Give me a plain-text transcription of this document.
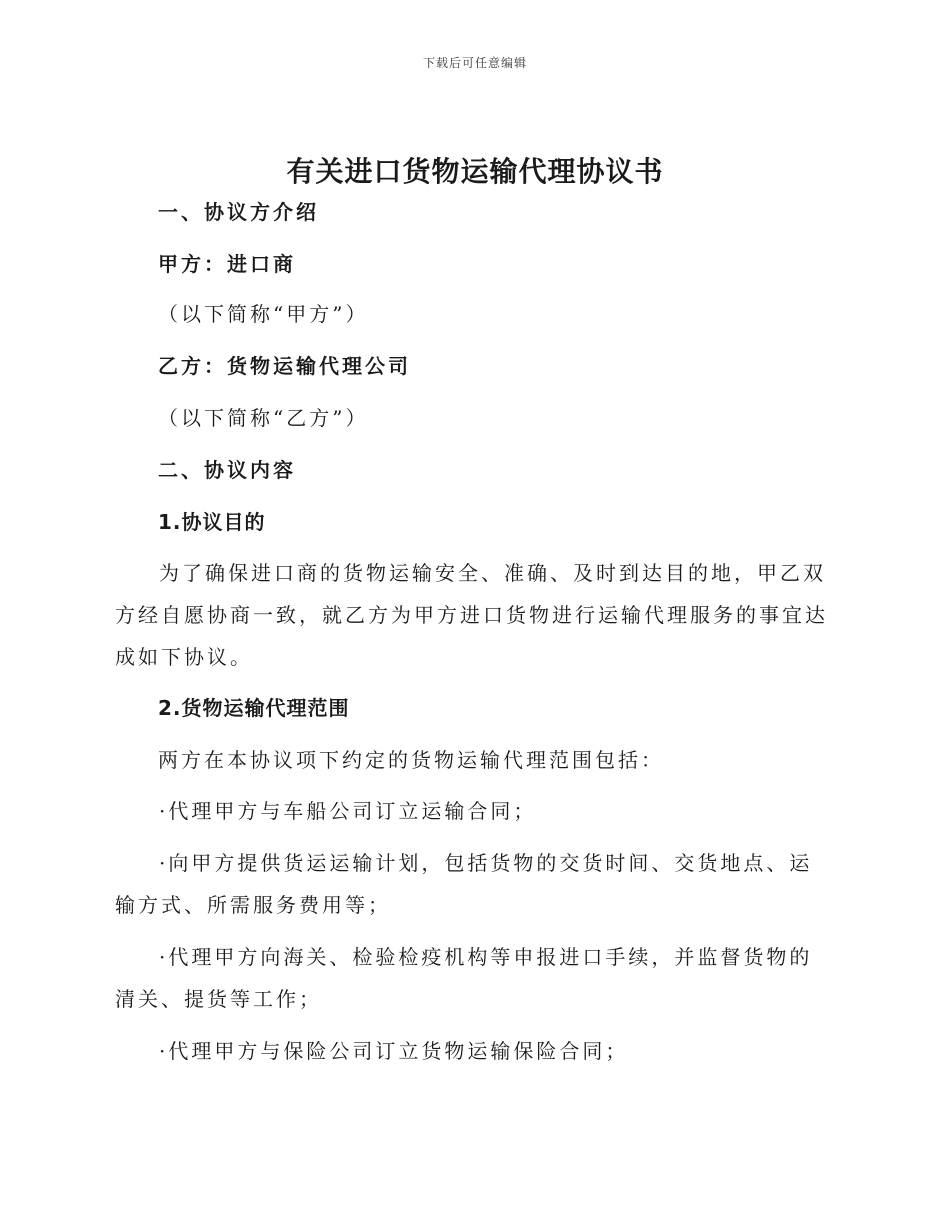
下载后可任意编辑
有关进口货物运输代理协议书
一、协议方介绍
甲方：进口商
（以下简称“甲方”）
乙方：货物运输代理公司
（以下简称“乙方”）
二、协议内容
1.协议目的

为了确保进口商的货物运输安全、准确、及时到达目的地，甲乙双方经自愿协商一致，就乙方为甲方进口货物进行运输代理服务的事宜达成如下协议。

2.货物运输代理范围
两方在本协议项下约定的货物运输代理范围包括：

·代理甲方与车船公司订立运输合同；

·向甲方提供货运运输计划，包括货物的交货时间、交货地点、运输方式、所需服务费用等；

·代理甲方向海关、检验检疫机构等申报进口手续，并监督货物的清关、提货等工作；

·代理甲方与保险公司订立货物运输保险合同；
